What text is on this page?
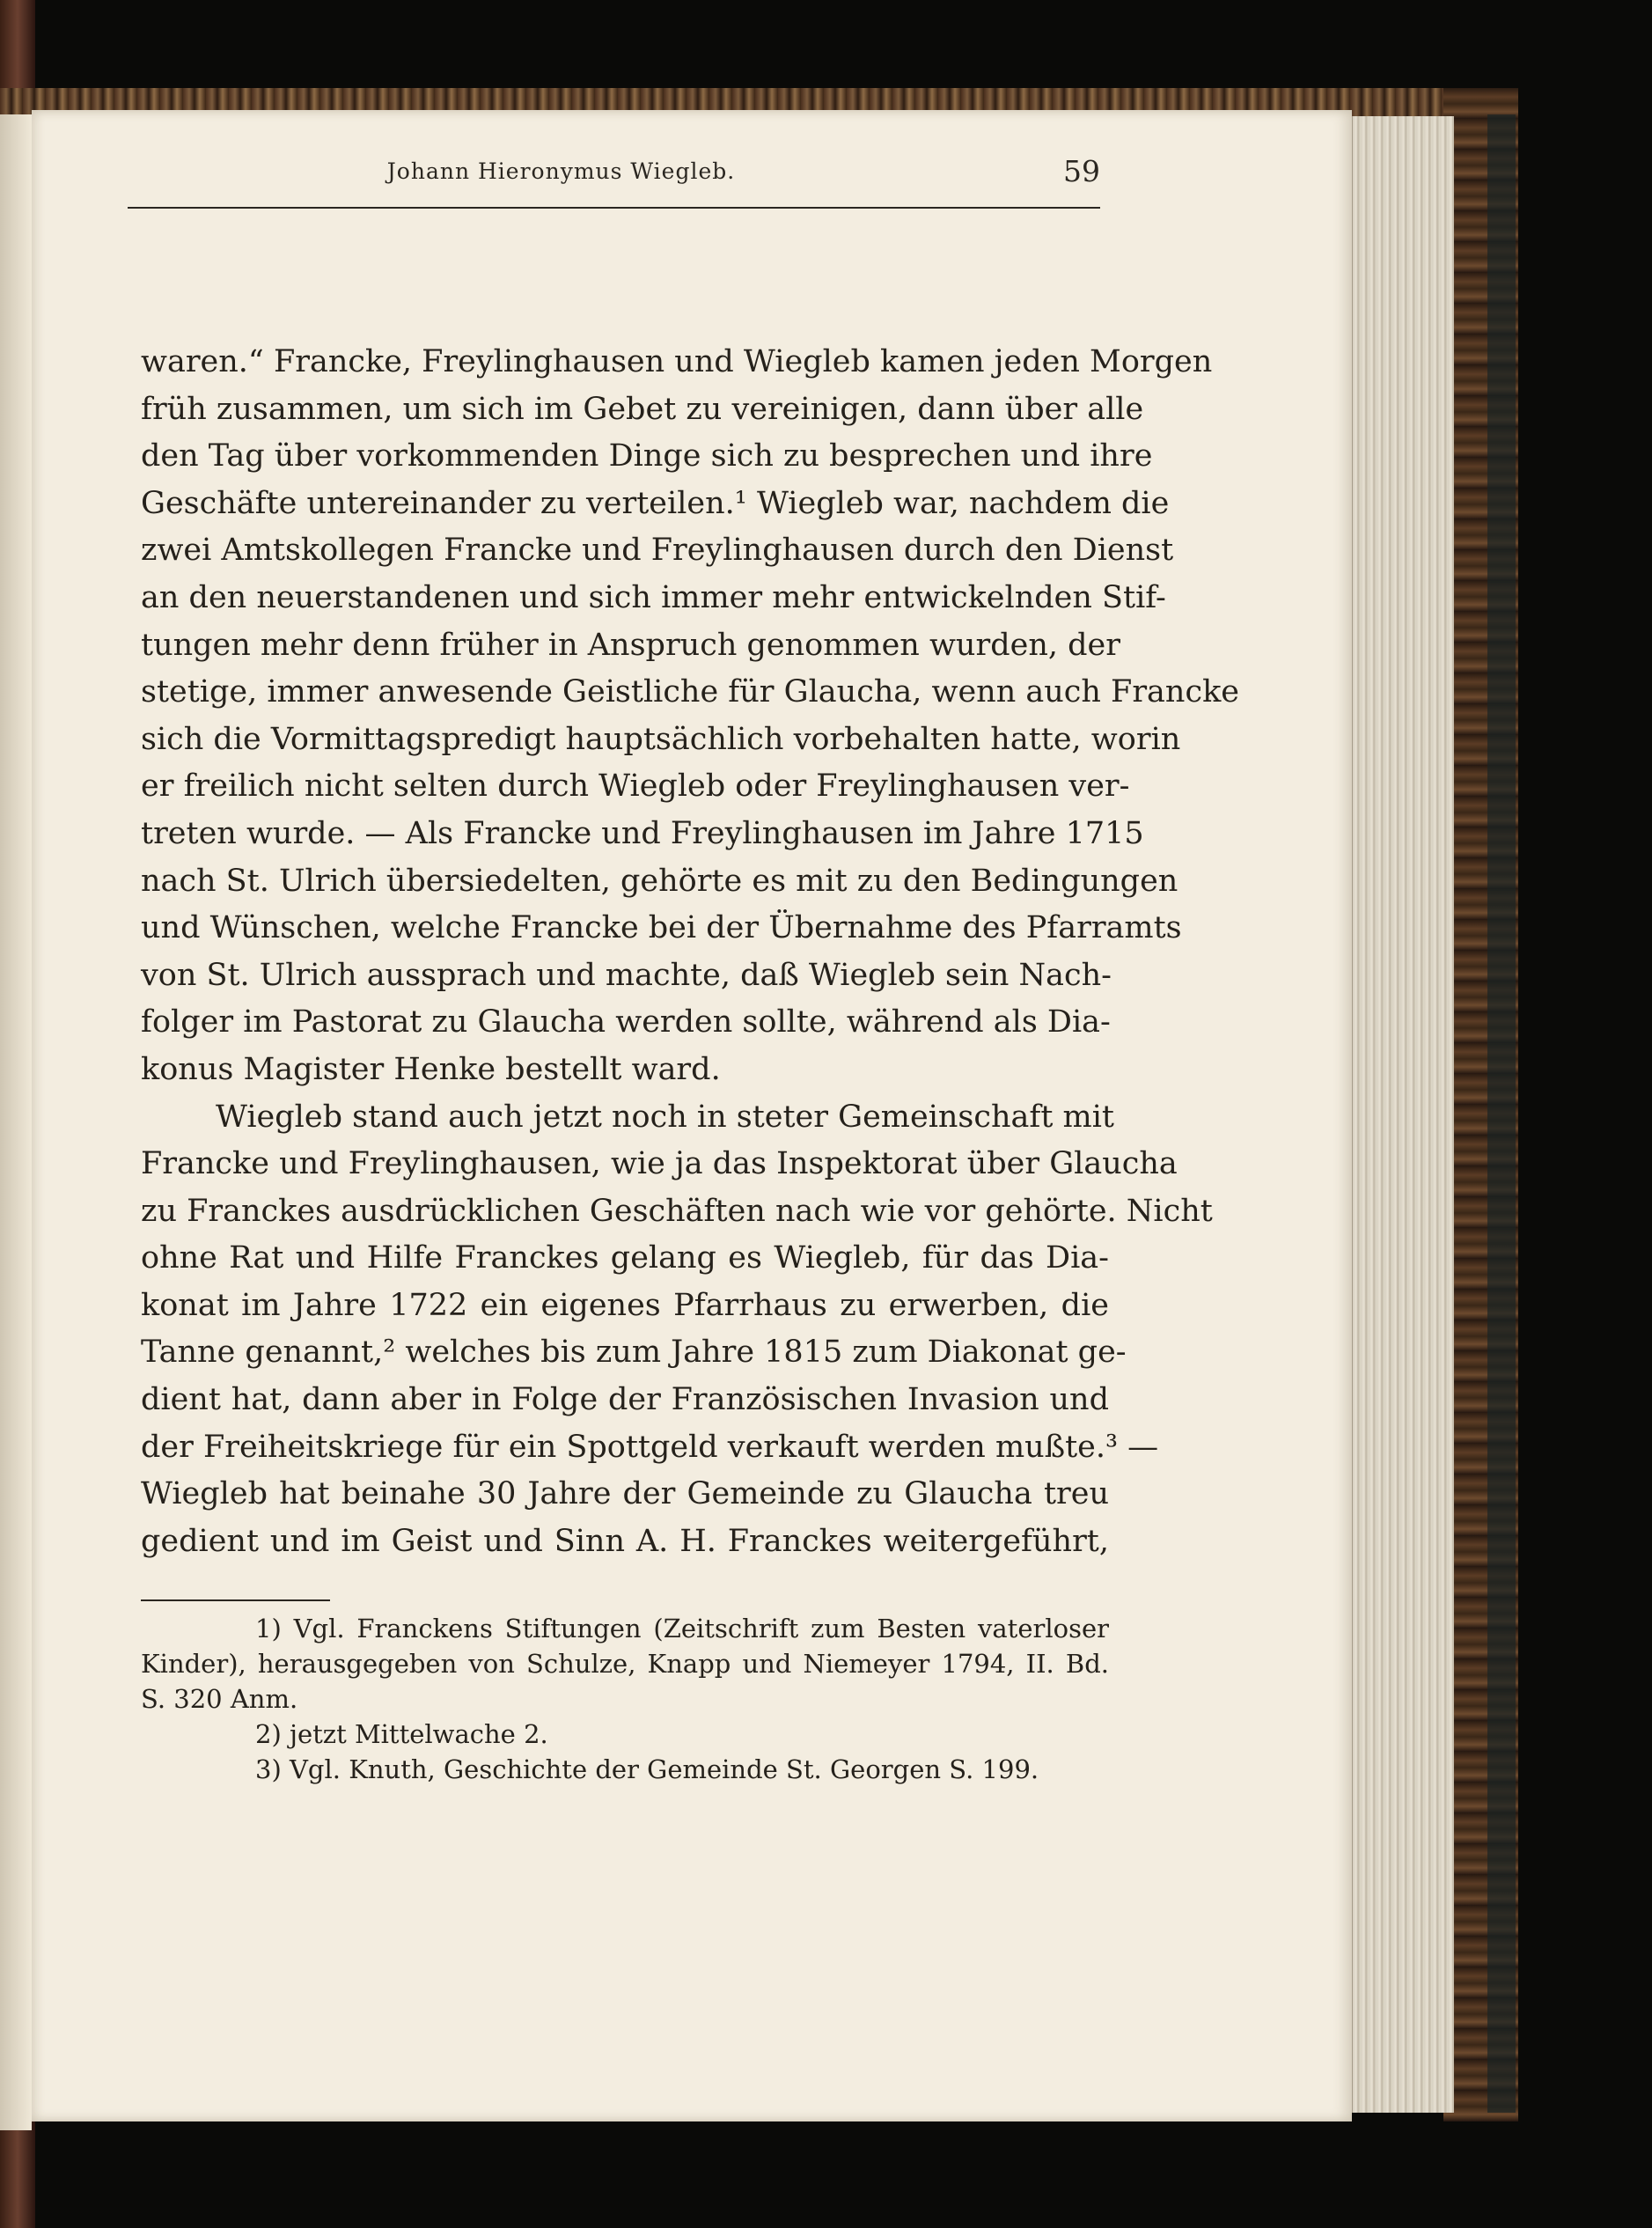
Johann Hieronymus Wiegleb.	59
waren.“ Francke, Freylinghausen und Wiegleb kamen jeden Morgen
früh zusammen, um sich im Gebet zu vereinigen, dann über alle
den Tag über vorkommenden Dinge sich zu besprechen und ihre
Geschäfte untereinander zu verteilen.¹ Wiegleb war, nachdem die
zwei Amtskollegen Francke und Freylinghausen durch den Dienst
an den neuerstandenen und sich immer mehr entwickelnden Stif-
tungen mehr denn früher in Anspruch genommen wurden, der
stetige, immer anwesende Geistliche für Glaucha, wenn auch Francke
sich die Vormittagspredigt hauptsächlich vorbehalten hatte, worin
er freilich nicht selten durch Wiegleb oder Freylinghausen ver-
treten wurde. — Als Francke und Freylinghausen im Jahre 1715
nach St. Ulrich übersiedelten, gehörte es mit zu den Bedingungen
und Wünschen, welche Francke bei der Übernahme des Pfarramts
von St. Ulrich aussprach und machte, daß Wiegleb sein Nach-
folger im Pastorat zu Glaucha werden sollte, während als Dia-
konus Magister Henke bestellt ward.
Wiegleb stand auch jetzt noch in steter Gemeinschaft mit
Francke und Freylinghausen, wie ja das Inspektorat über Glaucha
zu Franckes ausdrücklichen Geschäften nach wie vor gehörte. Nicht
ohne Rat und Hilfe Franckes gelang es Wiegleb, für das Dia-
konat im Jahre 1722 ein eigenes Pfarrhaus zu erwerben, die
Tanne genannt,² welches bis zum Jahre 1815 zum Diakonat ge-
dient hat, dann aber in Folge der Französischen Invasion und
der Freiheitskriege für ein Spottgeld verkauft werden mußte.³ —
Wiegleb hat beinahe 30 Jahre der Gemeinde zu Glaucha treu
gedient und im Geist und Sinn A. H. Franckes weitergeführt,
1) Vgl. Franckens Stiftungen (Zeitschrift zum Besten vaterloser
Kinder), herausgegeben von Schulze, Knapp und Niemeyer 1794, II. Bd.
S. 320 Anm.
2) jetzt Mittelwache 2.
3) Vgl. Knuth, Geschichte der Gemeinde St. Georgen S. 199.
